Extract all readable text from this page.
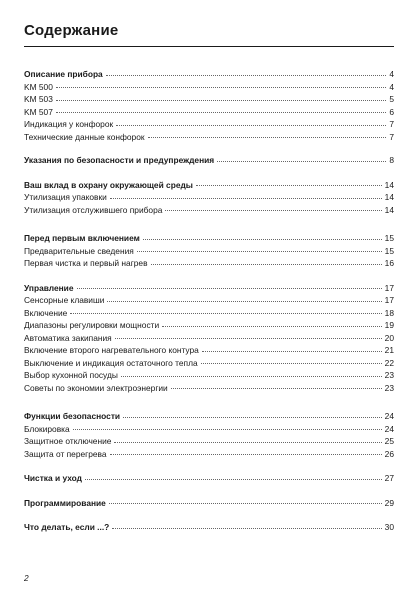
Содержание
Описание прибора	4
KM 500	4
KM 503	5
KM 507	6
Индикация у конфорок	7
Технические данные конфорок	7
Указания по безопасности и предупреждения	8
Ваш вклад в охрану окружающей среды	14
Утилизация упаковки	14
Утилизация отслужившего прибора	14
Перед первым включением	15
Предварительные сведения	15
Первая чистка и первый нагрев	16
Управление	17
Сенсорные клавиши	17
Включение	18
Диапазоны регулировки мощности	19
Автоматика закипания	20
Включение второго нагревательного контура	21
Выключение и индикация остаточного тепла	22
Выбор кухонной посуды	23
Советы по экономии электроэнергии	23
Функции безопасности	24
Блокировка	24
Защитное отключение	25
Защита от перегрева	26
Чистка и уход	27
Программирование	29
Что делать, если ...?	30
2
